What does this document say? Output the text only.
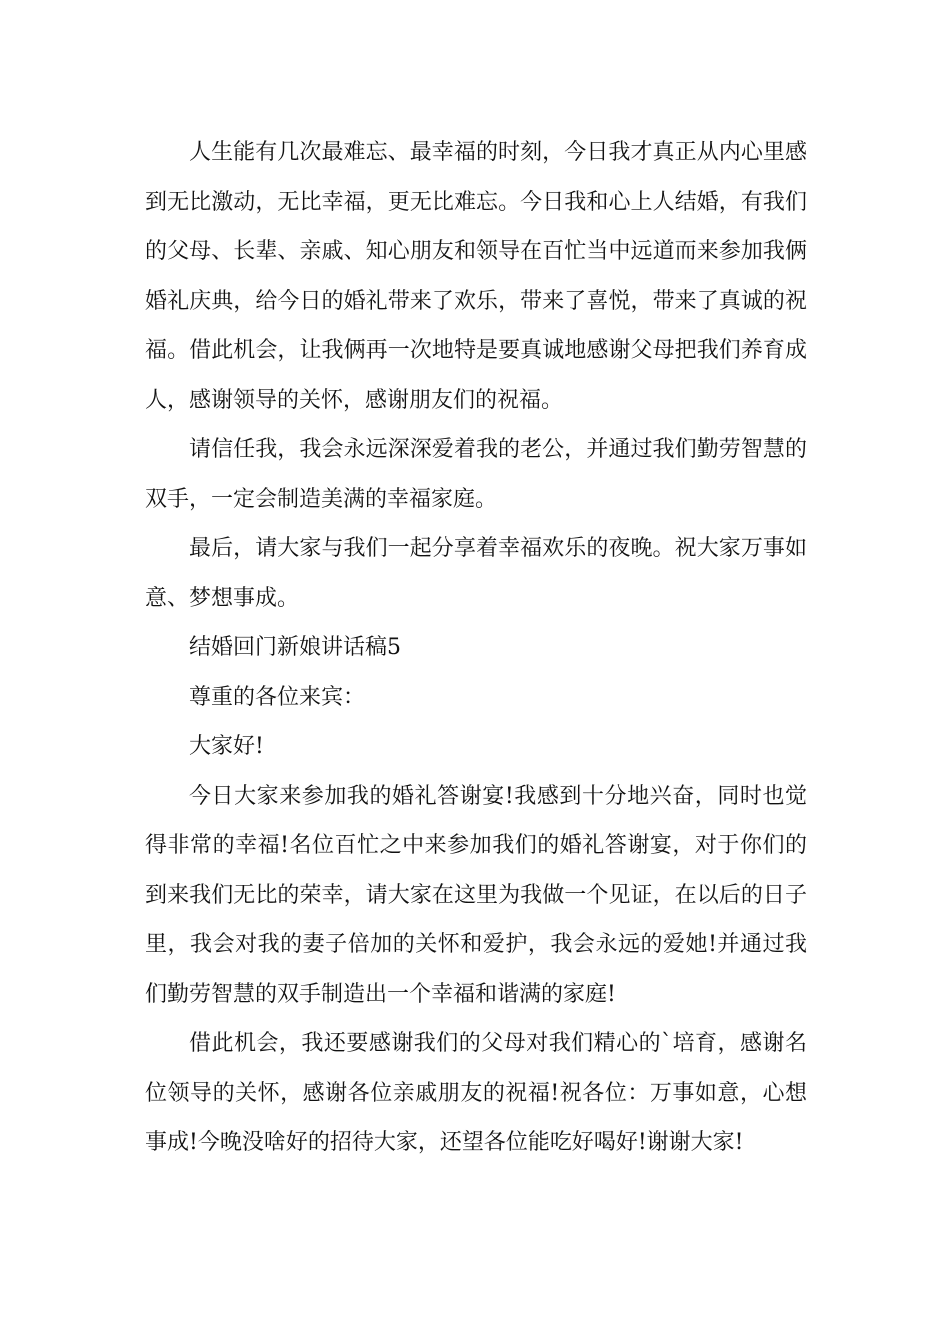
人生能有几次最难忘、最幸福的时刻，今日我才真正从内心里感到无比激动，无比幸福，更无比难忘。今日我和心上人结婚，有我们的父母、长辈、亲戚、知心朋友和领导在百忙当中远道而来参加我俩婚礼庆典，给今日的婚礼带来了欢乐，带来了喜悦，带来了真诚的祝福。借此机会，让我俩再一次地特是要真诚地感谢父母把我们养育成人，感谢领导的关怀，感谢朋友们的祝福。

请信任我，我会永远深深爱着我的老公，并通过我们勤劳智慧的双手，一定会制造美满的幸福家庭。

最后，请大家与我们一起分享着幸福欢乐的夜晚。祝大家万事如意、梦想事成。

结婚回门新娘讲话稿5

尊重的各位来宾：

大家好!

今日大家来参加我的婚礼答谢宴!我感到十分地兴奋，同时也觉得非常的幸福!名位百忙之中来参加我们的婚礼答谢宴，对于你们的到来我们无比的荣幸，请大家在这里为我做一个见证，在以后的日子里，我会对我的妻子倍加的关怀和爱护，我会永远的爱她!并通过我们勤劳智慧的双手制造出一个幸福和谐满的家庭!

借此机会，我还要感谢我们的父母对我们精心的`培育，感谢名位领导的关怀，感谢各位亲戚朋友的祝福!祝各位：万事如意，心想事成!今晚没啥好的招待大家，还望各位能吃好喝好!谢谢大家!
